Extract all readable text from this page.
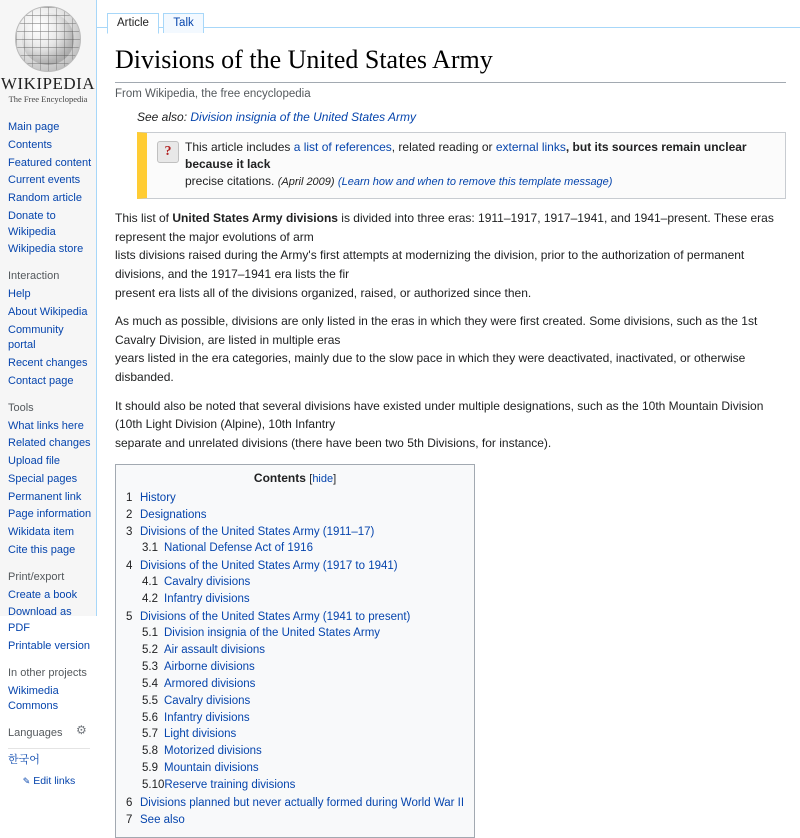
WIKIPEDIA
The Free Encyclopedia
Main page
Contents
Featured content
Current events
Random article
Donate to Wikipedia
Wikipedia store
Interaction
Help
About Wikipedia
Community portal
Recent changes
Contact page
Tools
What links here
Related changes
Upload file
Special pages
Permanent link
Page information
Wikidata item
Cite this page
Print/export
Create a book
Download as PDF
Printable version
In other projects
Wikimedia Commons
Languages ⚙
한국어
✎ Edit links
Article Talk
Divisions of the United States Army
From Wikipedia, the free encyclopedia
See also: Division insignia of the United States Army
?	This article includes a list of references, related reading or external links, but its sources remain unclear because it lack
precise citations. (April 2009) (Learn how and when to remove this template message)

This list of United States Army divisions is divided into three eras: 1911–1917, 1917–1941, and 1941–present. These eras represent the major evolutions of arm
lists divisions raised during the Army's first attempts at modernizing the division, prior to the authorization of permanent divisions, and the 1917–1941 era lists the fir
present era lists all of the divisions organized, raised, or authorized since then.

As much as possible, divisions are only listed in the eras in which they were first created. Some divisions, such as the 1st Cavalry Division, are listed in multiple eras
years listed in the era categories, mainly due to the slow pace in which they were deactivated, inactivated, or otherwise disbanded.

It should also be noted that several divisions have existed under multiple designations, such as the 10th Mountain Division (10th Light Division (Alpine), 10th Infantry
separate and unrelated divisions (there have been two 5th Divisions, for instance).

Contents [hide]
1 History
2 Designations
3 Divisions of the United States Army (1911–17)
3.1 National Defense Act of 1916
4 Divisions of the United States Army (1917 to 1941)
4.1 Cavalry divisions
4.2 Infantry divisions
5 Divisions of the United States Army (1941 to present)
5.1 Division insignia of the United States Army
5.2 Air assault divisions
5.3 Airborne divisions
5.4 Armored divisions
5.5 Cavalry divisions
5.6 Infantry divisions
5.7 Light divisions
5.8 Motorized divisions
5.9 Mountain divisions
5.10Reserve training divisions
6 Divisions planned but never actually formed during World War II
7 See also
